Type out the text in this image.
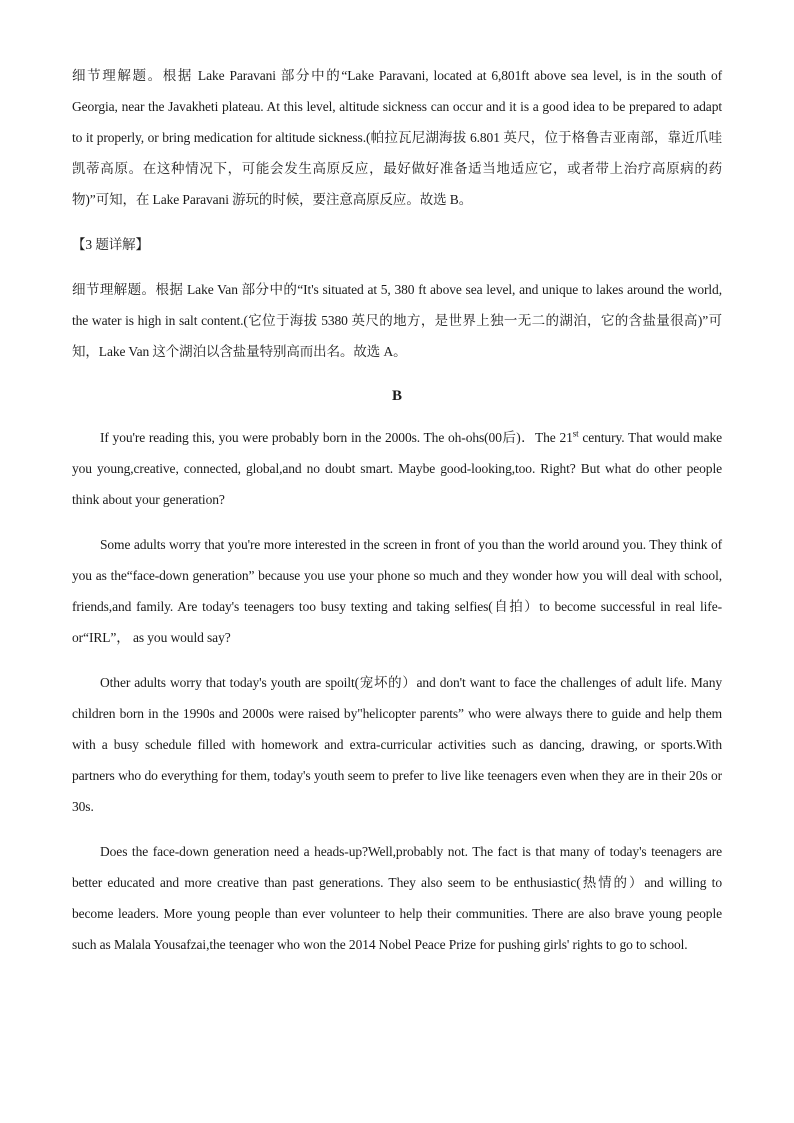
细节理解题。根据 Lake Paravani 部分中的“Lake Paravani, located at 6,801ft above sea level, is in the south of Georgia, near the Javakheti plateau. At this level, altitude sickness can occur and it is a good idea to be prepared to adapt to it properly, or bring medication for altitude sickness.(帕拉瓦尼湖海拔 6.801 英尺，位于格鲁吉亚南部，靠近爪哇凯蒂高原。在这种情况下，可能会发生高原反应，最好做好准备适当地适应它，或者带上治疗高原病的药物)”可知，在 Lake Paravani 游玩的时候，要注意高原反应。故选 B。

【3 题详解】

细节理解题。根据 Lake Van 部分中的“It's situated at 5, 380 ft above sea level, and unique to lakes around the world, the water is high in salt content.(它位于海拔 5380 英尺的地方，是世界上独一无二的湖泊，它的含盐量很高)”可知，Lake Van 这个湖泊以含盐量特别高而出名。故选 A。

B

If you're reading this, you were probably born in the 2000s. The oh-ohs(00后)．The 21st century. That would make you young,creative, connected, global,and no doubt smart. Maybe good-looking,too. Right? But what do other people think about your generation?

Some adults worry that you're more interested in the screen in front of you than the world around you. They think of you as the“face-down generation” because you use your phone so much and they wonder how you will deal with school, friends,and family. Are today's teenagers too busy texting and taking selfies(自拍）to become successful in real life-or“IRL”， as you would say?

Other adults worry that today's youth are spoilt(宠坏的）and don't want to face the challenges of adult life. Many children born in the 1990s and 2000s were raised by"helicopter parents” who were always there to guide and help them with a busy schedule filled with homework and extra-curricular activities such as dancing, drawing, or sports.With partners who do everything for them, today's youth seem to prefer to live like teenagers even when they are in their 20s or 30s.

Does the face-down generation need a heads-up?Well,probably not. The fact is that many of today's teenagers are better educated and more creative than past generations. They also seem to be enthusiastic(热情的）and willing to become leaders. More young people than ever volunteer to help their communities. There are also brave young people such as Malala Yousafzai,the teenager who won the 2014 Nobel Peace Prize for pushing girls' rights to go to school.
